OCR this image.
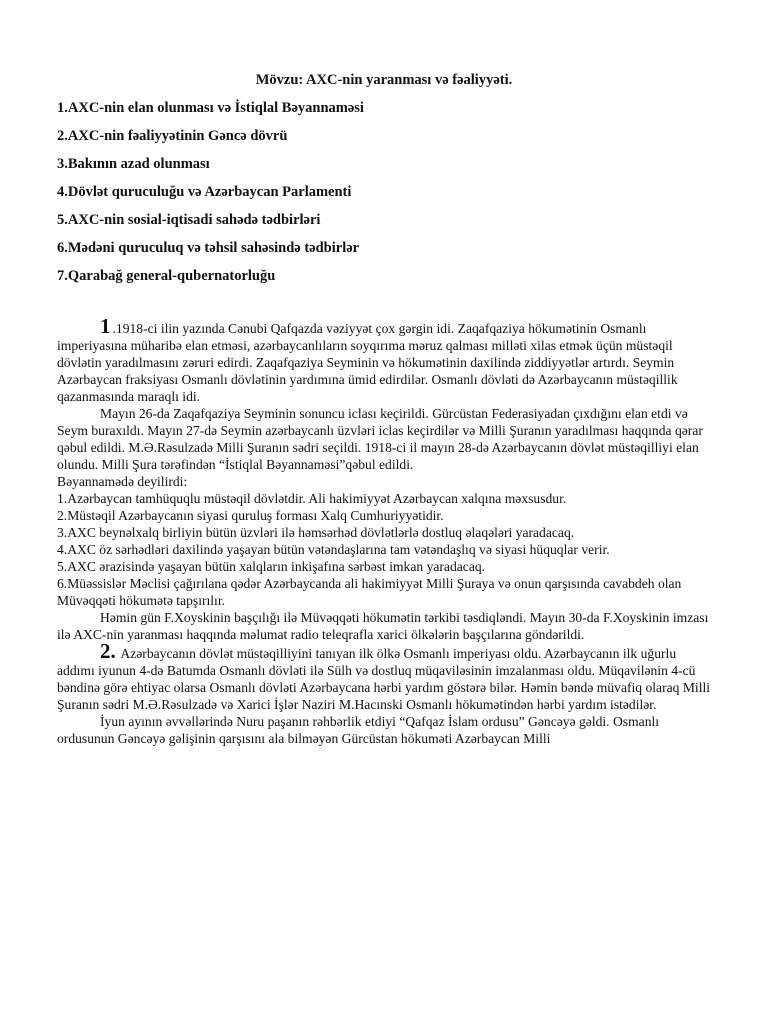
Mövzu: AXC-nin yaranması və fəaliyyəti.
1.AXC-nin elan olunması və İstiqlal Bəyannaməsi
2.AXC-nin fəaliyyətinin Gəncə dövrü
3.Bakının azad olunması
4.Dövlət quruculuğu və Azərbaycan Parlamenti
5.AXC-nin sosial-iqtisadi sahədə tədbirləri
6.Mədəni quruculuq və təhsil sahəsində tədbirlər
7.Qarabağ general-qubernatorluğu

1 .1918-ci ilin yazında Cənubi Qafqazda vəziyyət çox gərgin idi. Zaqafqaziya hökumətinin Osmanlı imperiyasına müharibə elan etməsi, azərbaycanlıların soyqırıma məruz qalması milləti xilas etmək üçün müstəqil dövlətin yaradılmasını zəruri edirdi. Zaqafqaziya Seyminin və hökumətinin daxilində ziddiyyətlər artırdı. Seymin Azərbaycan fraksiyası Osmanlı dövlətinin yardımına ümid edirdilər. Osmanlı dövləti də Azərbaycanın müstəqillik qazanmasında maraqlı idi.

Mayın 26-da Zaqafqaziya Seyminin sonuncu iclası keçirildi. Gürcüstan Federasiyadan çıxdığını elan etdi və Seym buraxıldı. Mayın 27-də Seymin azərbaycanlı üzvləri iclas keçirdilər və Milli Şuranın yaradılması haqqında qərar qəbul edildi. M.Ə.Rəsulzadə Milli Şuranın sədri seçildi. 1918-ci il mayın 28-də Azərbaycanın dövlət müstəqilliyi elan olundu. Milli Şura tərəfindən “İstiqlal Bəyannaməsi”qəbul edildi.

Bəyannamədə deyilirdi:

1.Azərbaycan tamhüquqlu müstəqil dövlətdir. Ali hakimiyyət Azərbaycan xalqına məxsusdur.

2.Müstəqil Azərbaycanın siyasi quruluş forması Xalq Cumhuriyyətidir.

3.AXC beynəlxalq birliyin bütün üzvləri ilə həmsərhəd dövlətlərlə dostluq əlaqələri yaradacaq.

4.AXC öz sərhədləri daxilində yaşayan bütün vətəndaşlarına tam vətəndaşlıq və siyasi hüquqlar verir.

5.AXC ərazisində yaşayan bütün xalqların inkişafına sərbəst imkan yaradacaq.

6.Müəssislər Məclisi çağırılana qədər Azərbaycanda ali hakimiyyət Milli Şuraya və onun qarşısında cavabdeh olan Müvəqqəti hökumətə tapşırılır.

Həmin gün F.Xoyskinin başçılığı ilə Müvəqqəti hökumətin tərkibi təsdiqləndi. Mayın 30-da F.Xoyskinin imzası ilə AXC-nin yaranması haqqında məlumat radio teleqrafla xarici ölkələrin başçılarına göndərildi.

2. Azərbaycanın dövlət müstəqilliyini tanıyan ilk ölkə Osmanlı imperiyası oldu. Azərbaycanın ilk uğurlu addımı iyunun 4-də Batumda Osmanlı dövləti ilə Sülh və dostluq müqaviləsinin imzalanması oldu. Müqavilənin 4-cü bəndinə görə ehtiyac olarsa Osmanlı dövləti Azərbaycana hərbi yardım göstərə bilər. Həmin bəndə müvafiq olaraq Milli Şuranın sədri M.Ə.Rəsulzadə və Xarici İşlər Naziri M.Hacınski Osmanlı hökumətindən hərbi yardım istədilər.

İyun ayının əvvəllərində Nuru paşanın rəhbərlik etdiyi “Qafqaz İslam ordusu” Gəncəyə gəldi. Osmanlı ordusunun Gəncəyə gəlişinin qarşısını ala bilməyən Gürcüstan hökuməti Azərbaycan Milli
